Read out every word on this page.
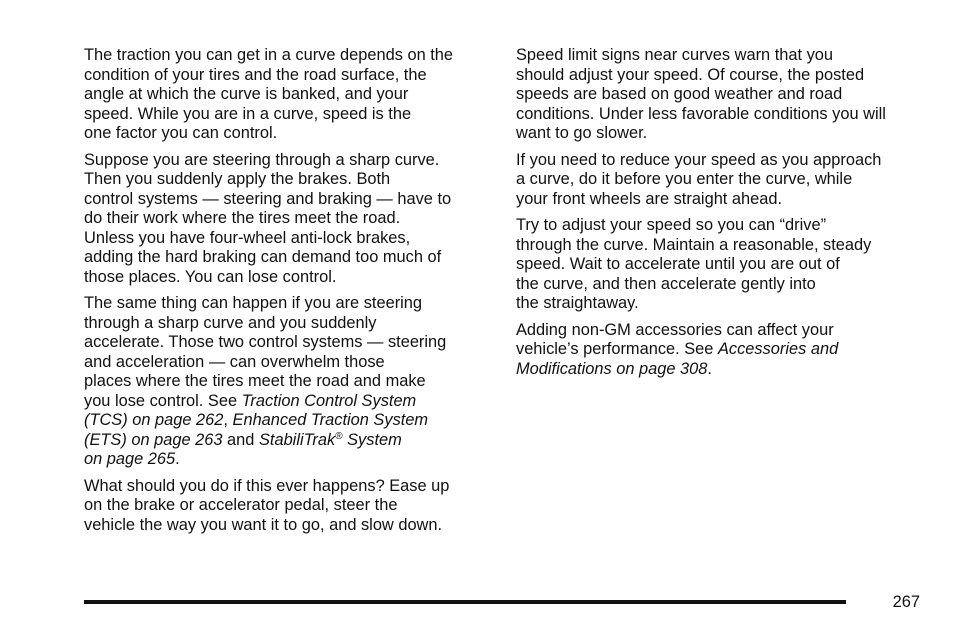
The traction you can get in a curve depends on the
condition of your tires and the road surface, the
angle at which the curve is banked, and your
speed. While you are in a curve, speed is the
one factor you can control.

Suppose you are steering through a sharp curve.
Then you suddenly apply the brakes. Both
control systems — steering and braking — have to
do their work where the tires meet the road.
Unless you have four-wheel anti-lock brakes,
adding the hard braking can demand too much of
those places. You can lose control.

The same thing can happen if you are steering
through a sharp curve and you suddenly
accelerate. Those two control systems — steering
and acceleration — can overwhelm those
places where the tires meet the road and make
you lose control. See Traction Control System
(TCS) on page 262, Enhanced Traction System
(ETS) on page 263 and StabiliTrak® System
on page 265.

What should you do if this ever happens? Ease up
on the brake or accelerator pedal, steer the
vehicle the way you want it to go, and slow down.

Speed limit signs near curves warn that you
should adjust your speed. Of course, the posted
speeds are based on good weather and road
conditions. Under less favorable conditions you will
want to go slower.

If you need to reduce your speed as you approach
a curve, do it before you enter the curve, while
your front wheels are straight ahead.

Try to adjust your speed so you can “drive”
through the curve. Maintain a reasonable, steady
speed. Wait to accelerate until you are out of
the curve, and then accelerate gently into
the straightaway.

Adding non-GM accessories can affect your
vehicle’s performance. See Accessories and
Modifications on page 308.

267
